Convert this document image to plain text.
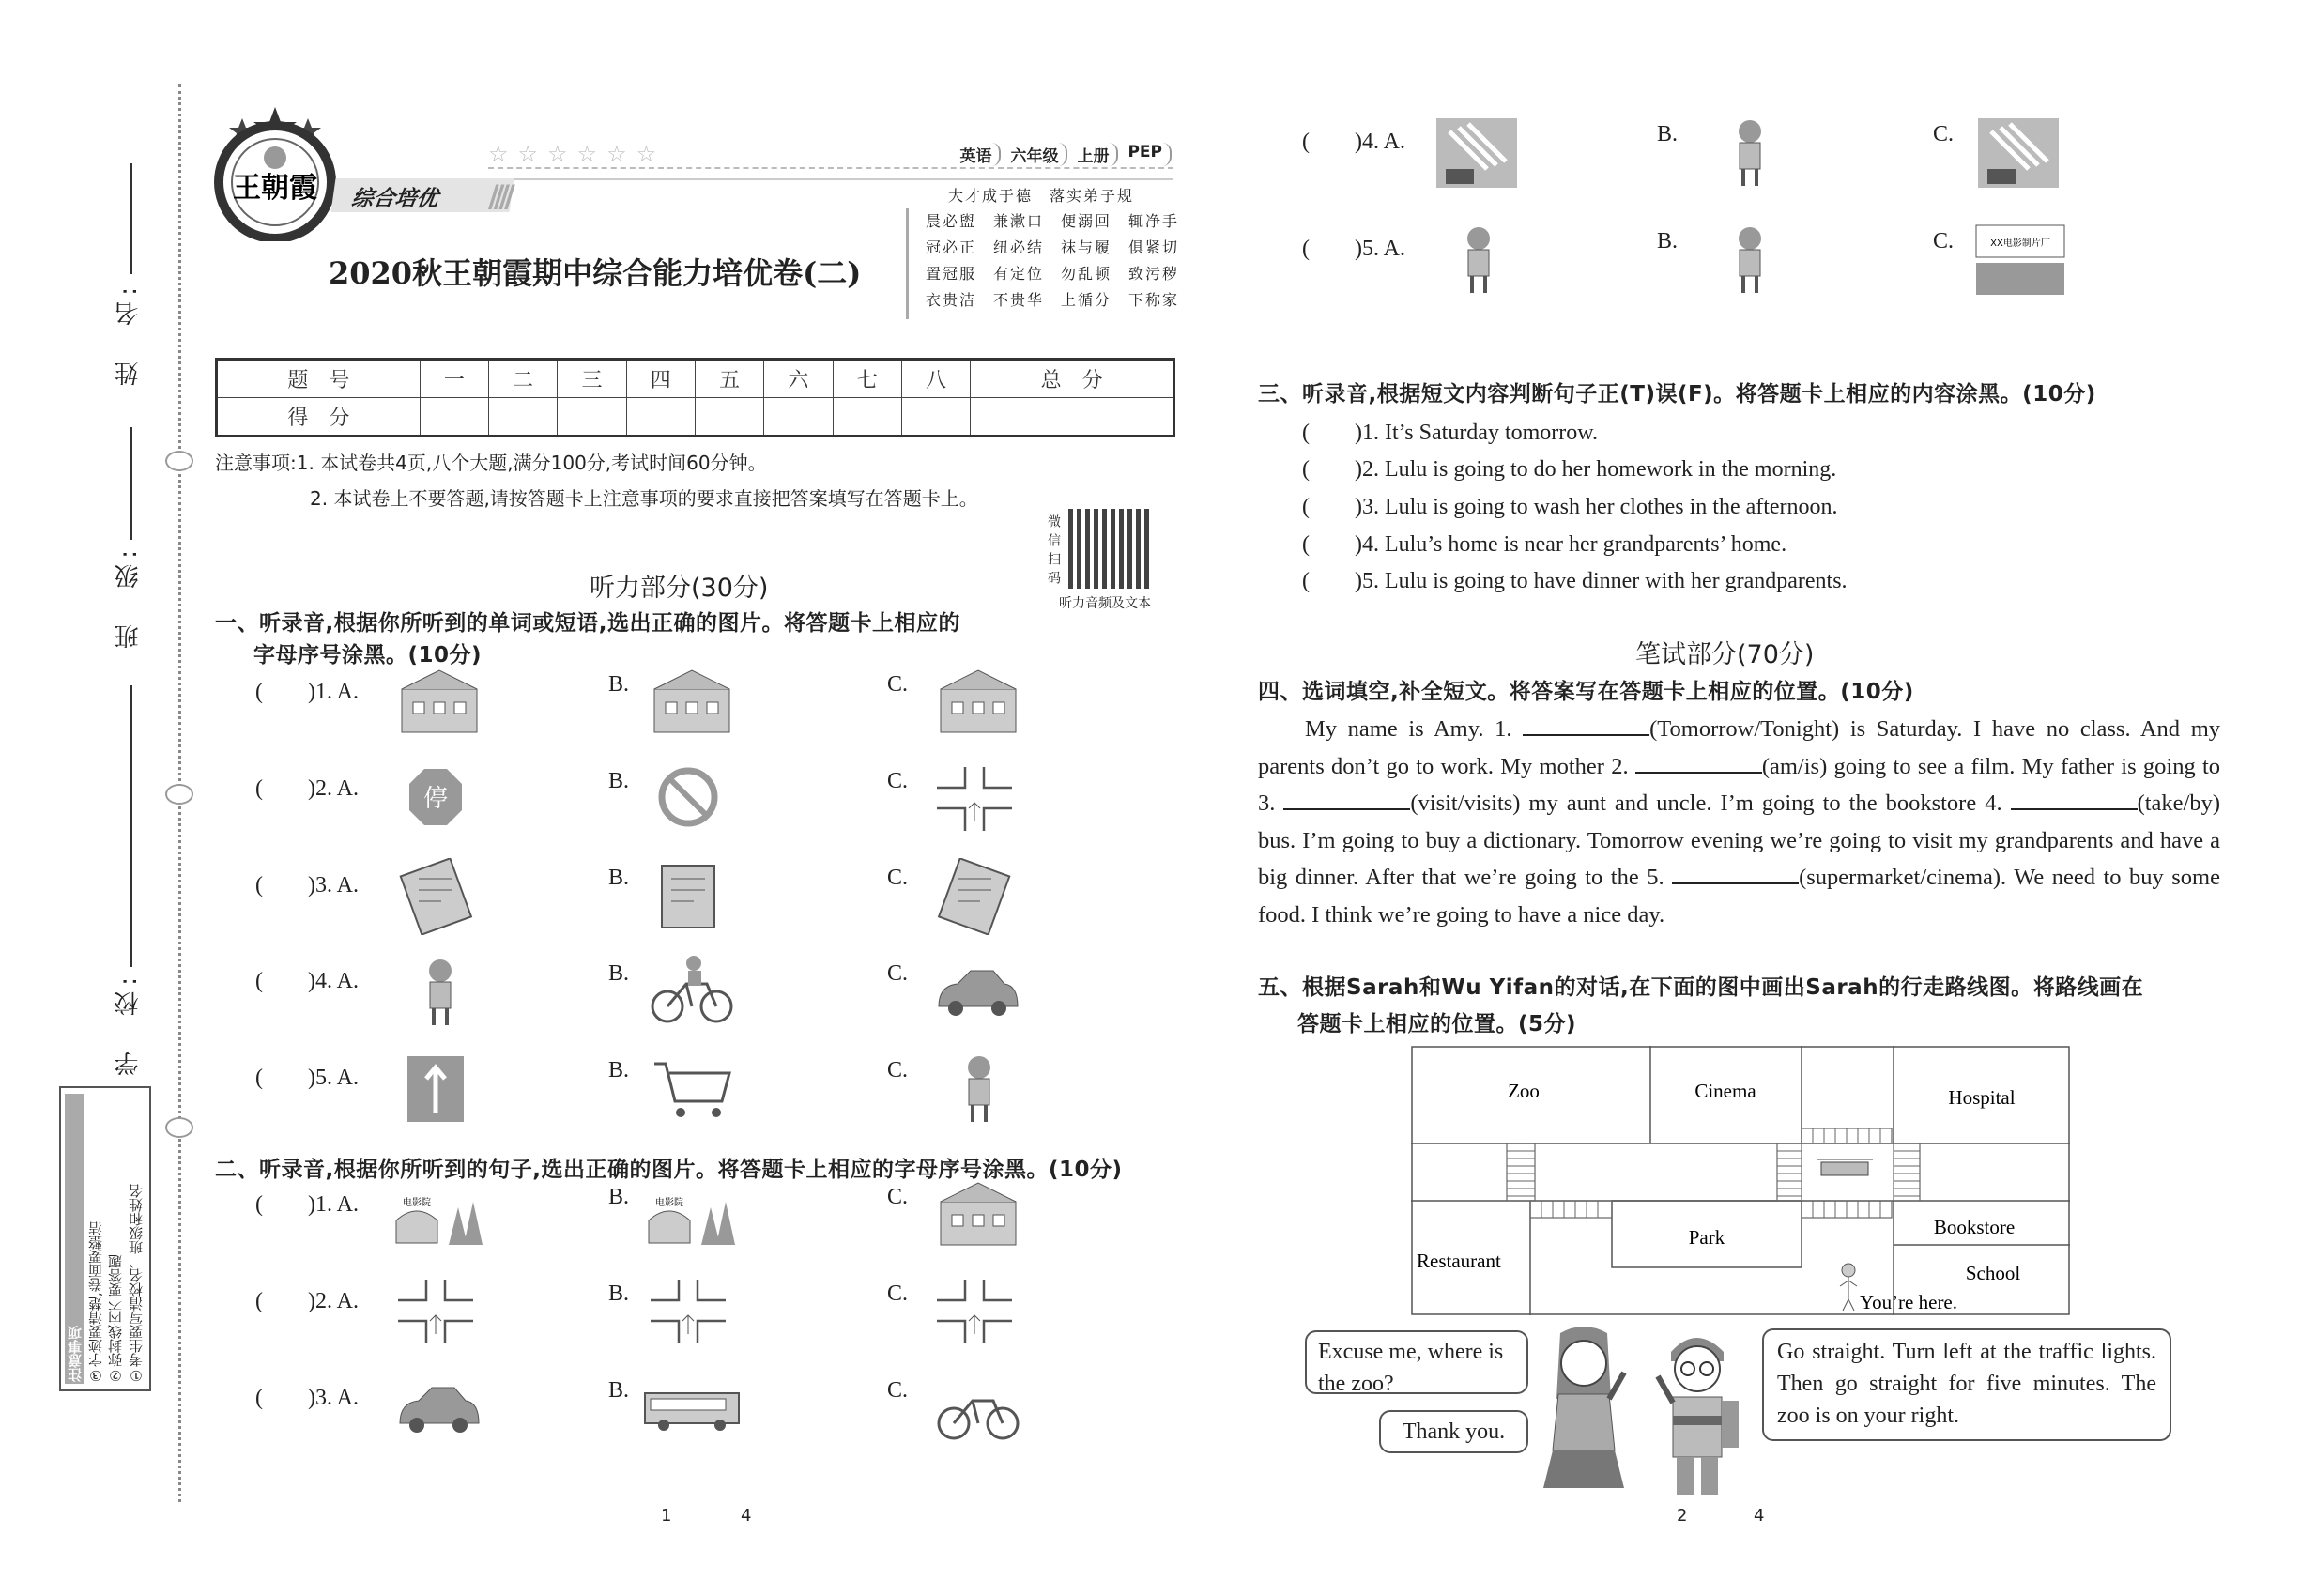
姓　名:
班　级:
学　校:
①考生要写清校名、班级和姓名
②弥封线内不要答题
③字迹要清楚,卷面要整洁
注意事项
王朝霞
☆☆☆☆☆☆	英语	六年级	上册	PEP
综合培优	////
2020秋王朝霞期中综合能力培优卷(二)
大才成于德　落实弟子规
晨必盥　兼漱口　便溺回　辄净手
冠必正　纽必结　袜与履　俱紧切
置冠服　有定位　勿乱顿　致污秽
衣贵洁　不贵华　上循分　下称家
题　号	一	二	三	四	五	六	七	八	总　分
得　分									
注意事项:1. 本试卷共4页,八个大题,满分100分,考试时间60分钟。
2. 本试卷上不要答题,请按答题卡上注意事项的要求直接把答案填写在答题卡上。
微信扫码
听力音频及文本
听力部分(30分)
一、听录音,根据你所听到的单词或短语,选出正确的图片。将答题卡上相应的
字母序号涂黑。(10分)
(　　)1. A.	B.	C.
(　　)2. A.	停
B.	C.
(　　)3. A.	B.	C.
(　　)4. A.	B.	C.
(　　)5. A.	B.	C.
二、听录音,根据你所听到的句子,选出正确的图片。将答题卡上相应的字母序号涂黑。(10分)
(　　)1. A.	电影院	B.	电影院	C.
(　　)2. A.	B.	C.
(　　)3. A.	B.	C.
1	4
(　　)4. A.	B.	C.
(　　)5. A.	B.	C.	XX电影制片厂
三、听录音,根据短文内容判断句子正(T)误(F)。将答题卡上相应的内容涂黑。(10分)
(　　)1. It’s Saturday tomorrow.
(　　)2. Lulu is going to do her homework in the morning.
(　　)3. Lulu is going to wash her clothes in the afternoon.
(　　)4. Lulu’s home is near her grandparents’ home.
(　　)5. Lulu is going to have dinner with her grandparents.
笔试部分(70分)
四、选词填空,补全短文。将答案写在答题卡上相应的位置。(10分)
My name is Amy. 1.	(Tomorrow/Tonight) is Saturday. I have no class. And my parents don’t go to work. My mother 2.	(am/is) going to see a film. My father is going to 3.	(visit/visits) my aunt and uncle. I’m going to the bookstore 4.	(take/by) bus. I’m going to buy a dictionary. Tomorrow evening we’re going to visit my grandparents and have a big dinner. After that we’re going to the 5.	(supermarket/cinema). We need to buy some food. I think we’re going to have a nice day.
五、根据Sarah和Wu Yifan的对话,在下面的图中画出Sarah的行走路线图。将路线画在
答题卡上相应的位置。(5分)
Zoo	Cinema	Hospital
Park
Restaurant
Bookstore
School
You’re here.
Excuse me, where is the zoo?
Thank you.
Go straight. Turn left at the traffic lights. Then go straight for five minutes. The zoo is on your right.
2	4
